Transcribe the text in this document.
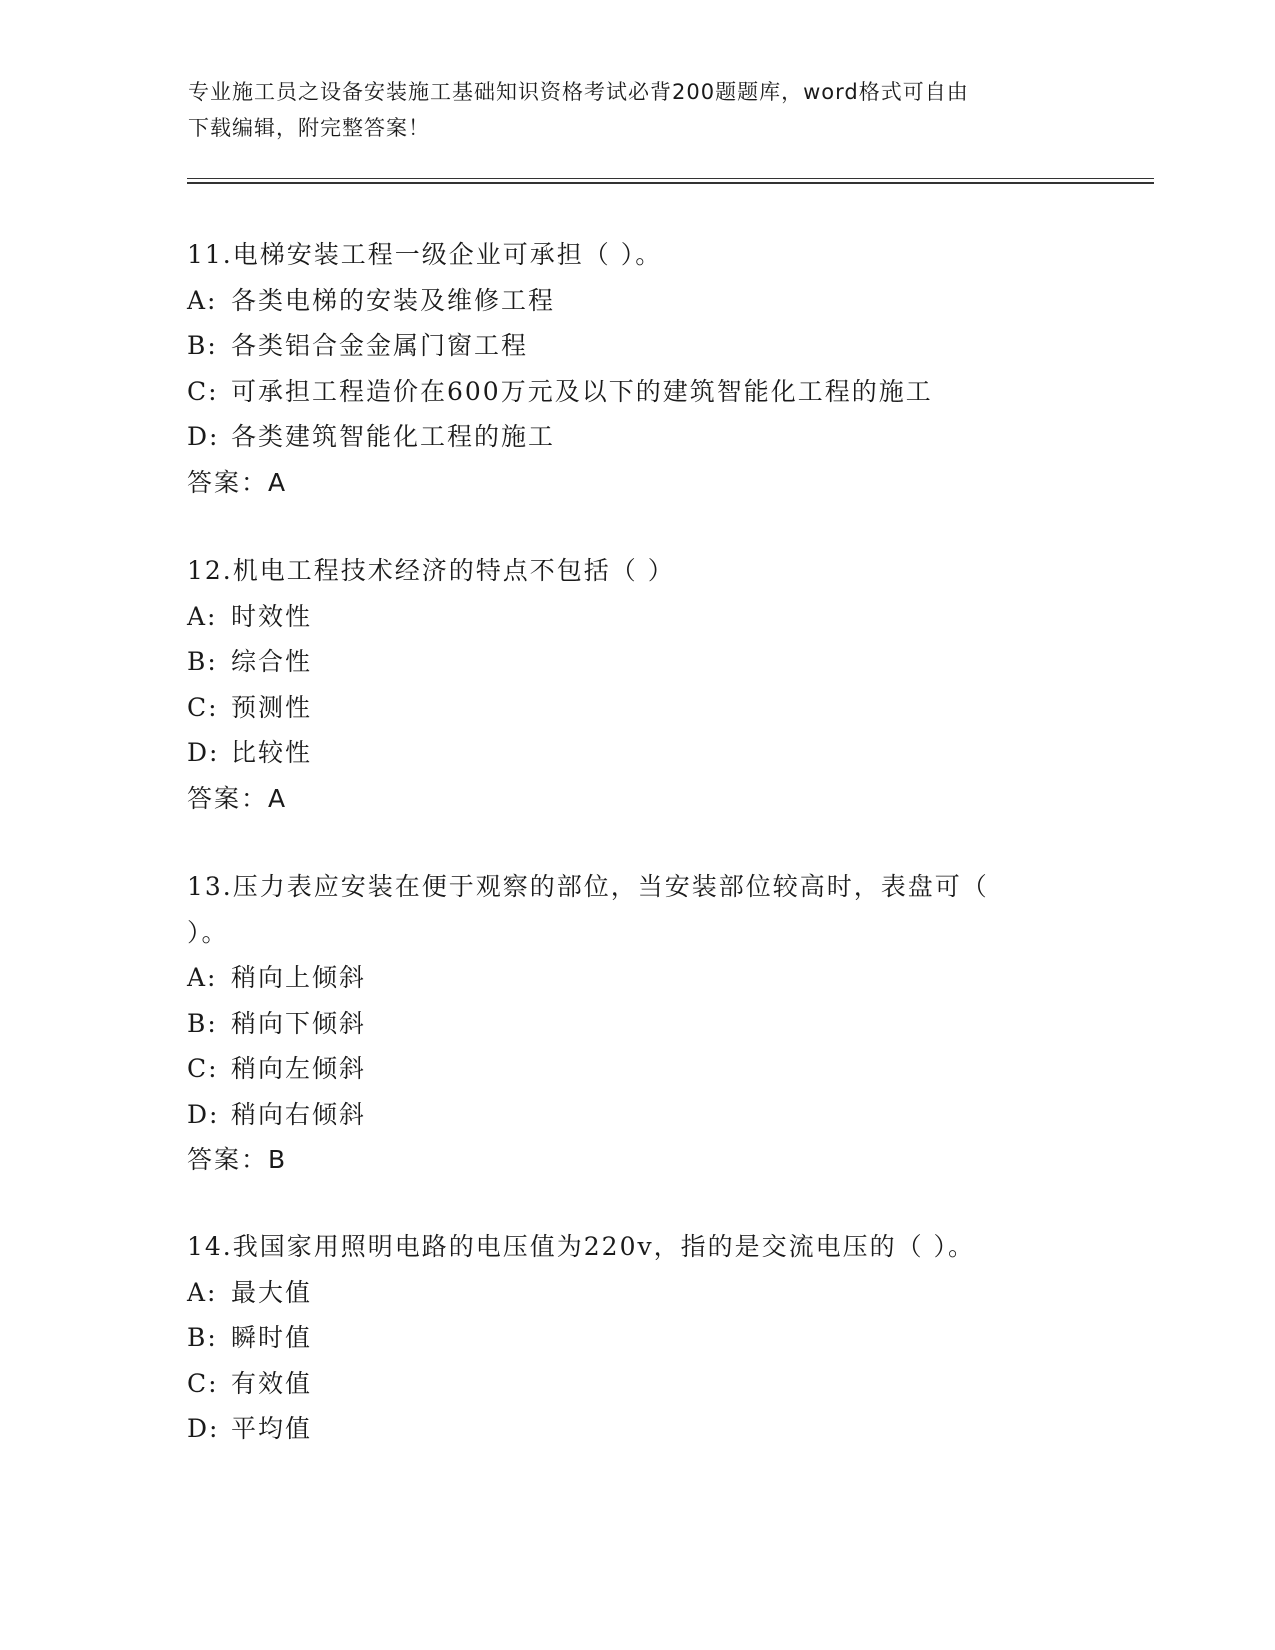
专业施工员之设备安装施工基础知识资格考试必背200题题库，word格式可自由
下载编辑，附完整答案！
11.电梯安装工程一级企业可承担（ ）。
A: 各类电梯的安装及维修工程
B: 各类铝合金金属门窗工程
C: 可承担工程造价在600万元及以下的建筑智能化工程的施工
D: 各类建筑智能化工程的施工
答案：A
12.机电工程技术经济的特点不包括（ ）
A: 时效性
B: 综合性
C: 预测性
D: 比较性
答案：A
13.压力表应安装在便于观察的部位，当安装部位较高时，表盘可（
）。
A: 稍向上倾斜
B: 稍向下倾斜
C: 稍向左倾斜
D: 稍向右倾斜
答案：B
14.我国家用照明电路的电压值为220v，指的是交流电压的（ ）。
A: 最大值
B: 瞬时值
C: 有效值
D: 平均值
